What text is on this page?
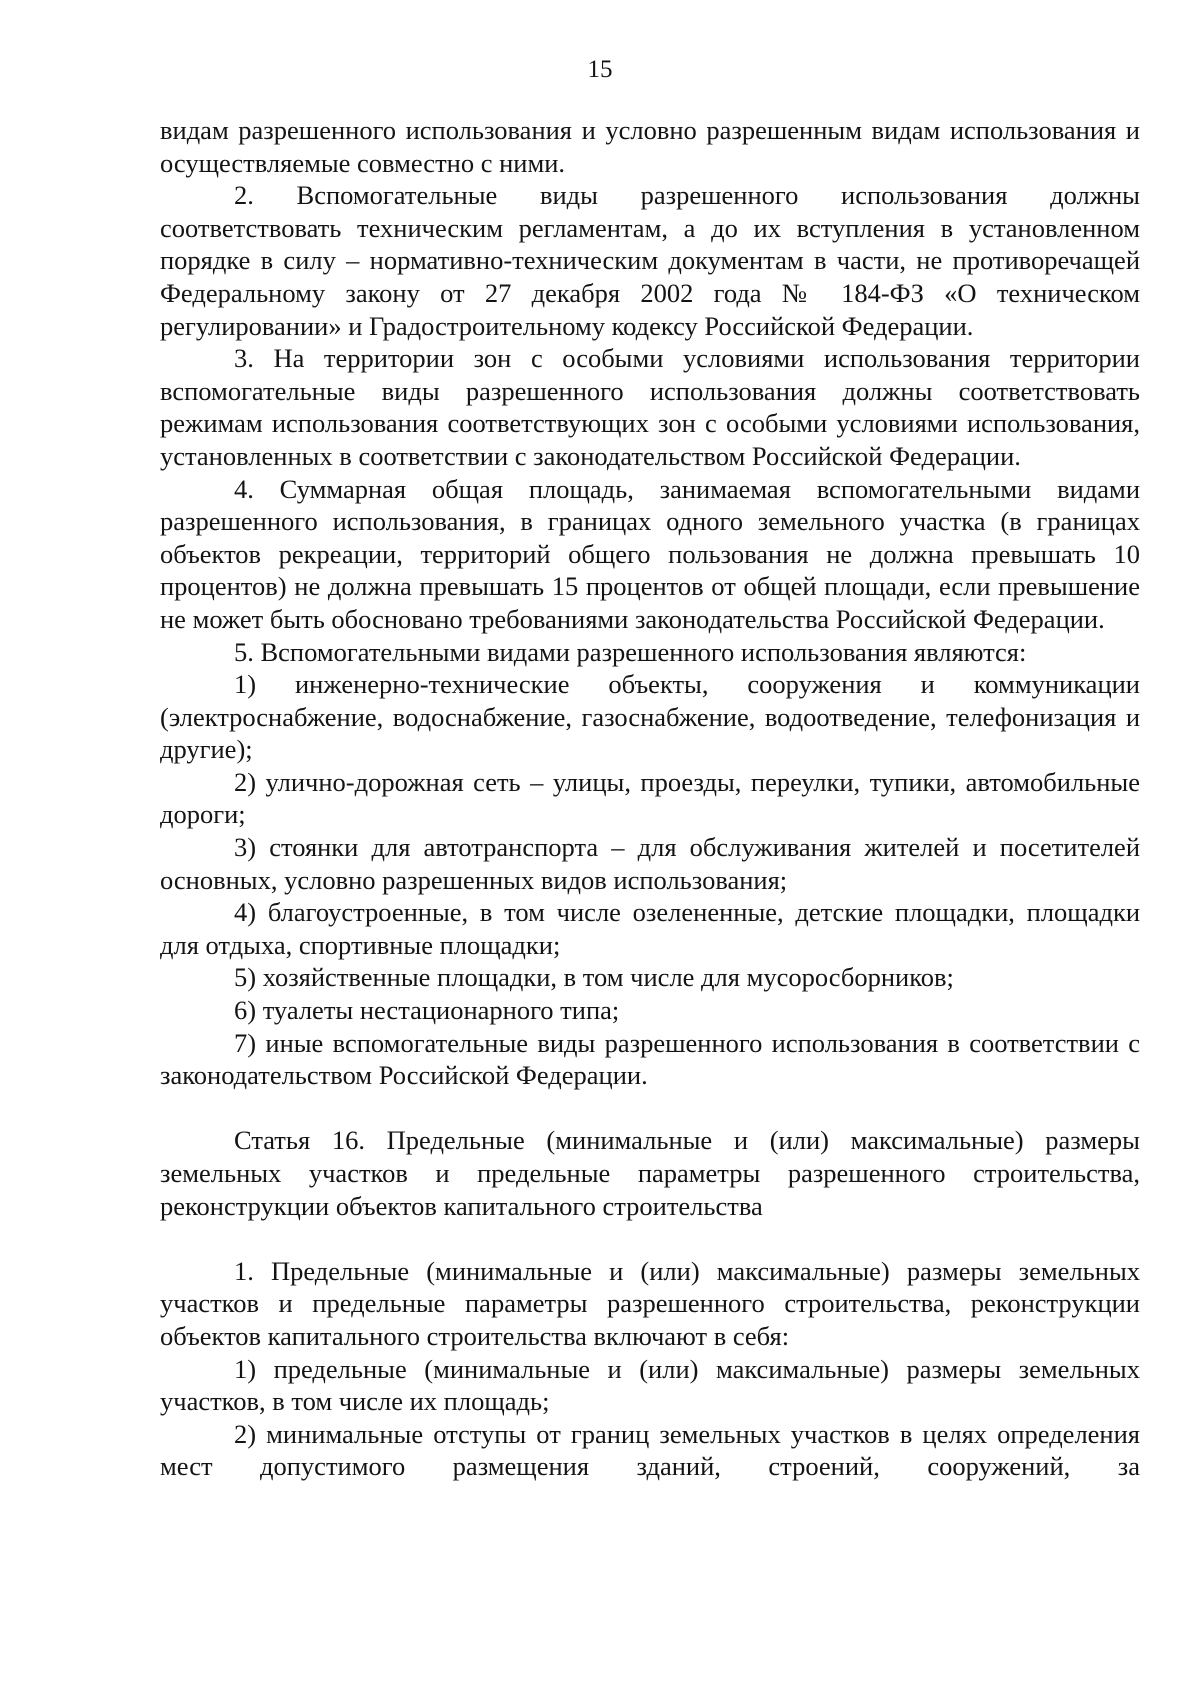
15

видам разрешенного использования и условно разрешенным видам использования и осуществляемые совместно с ними.

2. Вспомогательные виды разрешенного использования должны соответствовать техническим регламентам, а до их вступления в установленном порядке в силу – нормативно-техническим документам в части, не противоречащей Федеральному закону от 27 декабря 2002 года № 184-ФЗ «О техническом регулировании» и Градостроительному кодексу Российской Федерации.

3. На территории зон с особыми условиями использования территории вспомогательные виды разрешенного использования должны соответствовать режимам использования соответствующих зон с особыми условиями использования, установленных в соответствии с законодательством Российской Федерации.

4. Суммарная общая площадь, занимаемая вспомогательными видами разрешенного использования, в границах одного земельного участка (в границах объектов рекреации, территорий общего пользования не должна превышать 10 процентов) не должна превышать 15 процентов от общей площади, если превышение не может быть обосновано требованиями законодательства Российской Федерации.

5. Вспомогательными видами разрешенного использования являются:

1) инженерно-технические объекты, сооружения и коммуникации (электроснабжение, водоснабжение, газоснабжение, водоотведение, телефонизация и другие);

2) улично-дорожная сеть – улицы, проезды, переулки, тупики, автомобильные дороги;

3) стоянки для автотранспорта – для обслуживания жителей и посетителей основных, условно разрешенных видов использования;

4) благоустроенные, в том числе озелененные, детские площадки, площадки для отдыха, спортивные площадки;

5) хозяйственные площадки, в том числе для мусоросборников;

6) туалеты нестационарного типа;

7) иные вспомогательные виды разрешенного использования в соответствии с законодательством Российской Федерации.

Статья 16. Предельные (минимальные и (или) максимальные) размеры земельных участков и предельные параметры разрешенного строительства, реконструкции объектов капитального строительства

1. Предельные (минимальные и (или) максимальные) размеры земельных участков и предельные параметры разрешенного строительства, реконструкции объектов капитального строительства включают в себя:

1) предельные (минимальные и (или) максимальные) размеры земельных участков, в том числе их площадь;

2) минимальные отступы от границ земельных участков в целях определения мест допустимого размещения зданий, строений, сооружений, за
